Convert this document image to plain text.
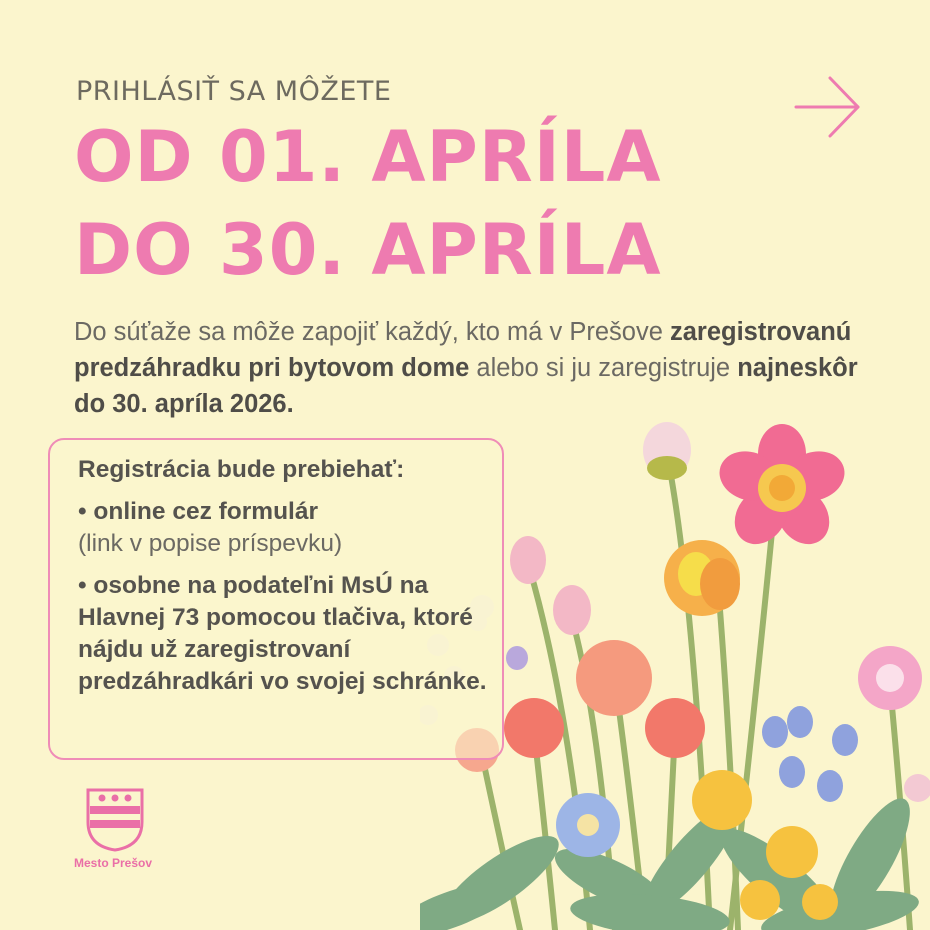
PRIHLÁSIŤ SA MÔŽETE
OD 01. APRÍLA
DO 30. APRÍLA
Do súťaže sa môže zapojiť každý, kto má v Prešove zaregistrovanú predzáhradku pri bytovom dome alebo si ju zaregistruje najneskôr do 30. apríla 2026.
Registrácia bude prebiehať:
• online cez formulár
(link v popise príspevku)
• osobne na podateľni MsÚ na Hlavnej 73 pomocou tlačiva, ktoré nájdu už zaregistrovaní predzáhradkári vo svojej schránke.
Mesto Prešov
